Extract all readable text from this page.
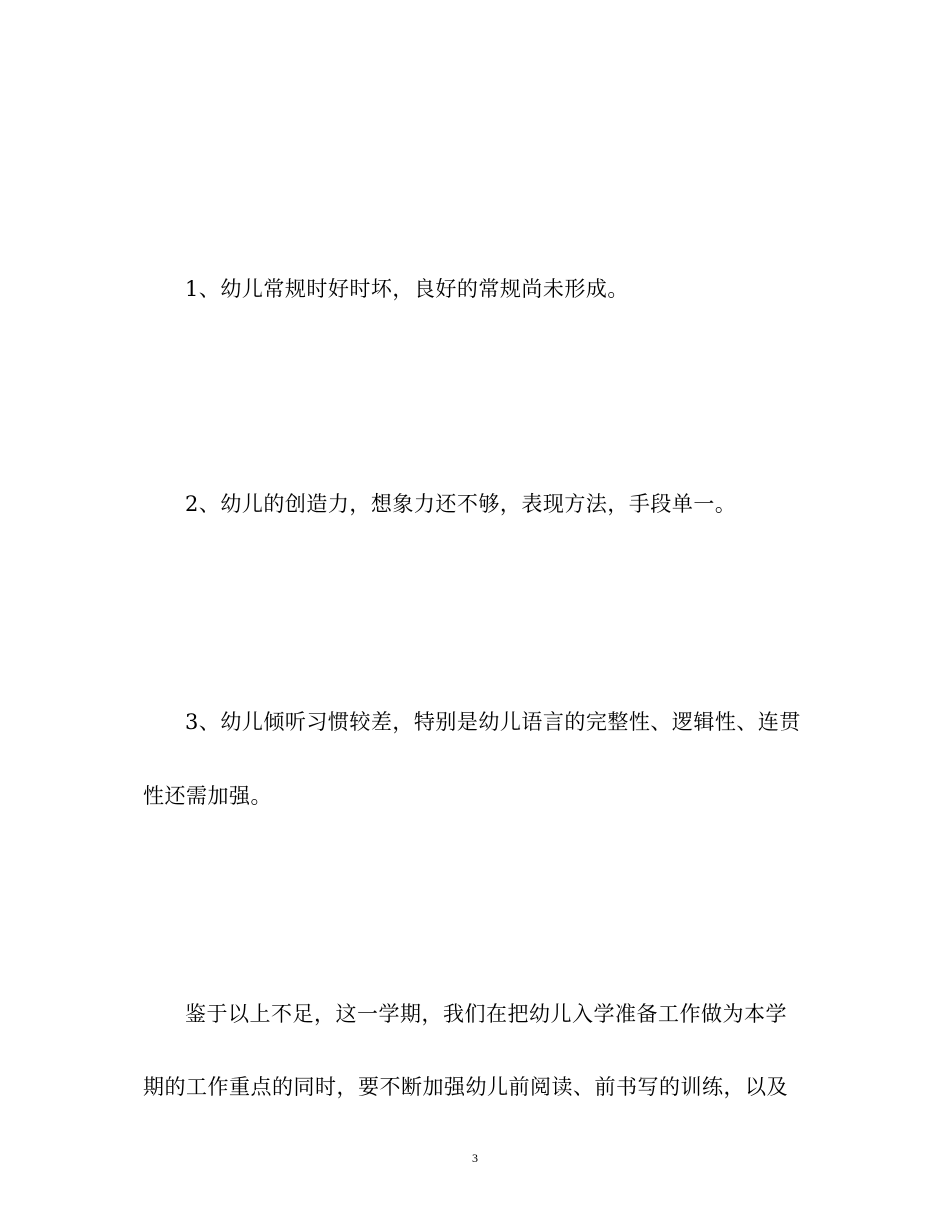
1、幼儿常规时好时坏，良好的常规尚未形成。
2、幼儿的创造力，想象力还不够，表现方法，手段单一。
3、幼儿倾听习惯较差，特别是幼儿语言的完整性、逻辑性、连贯
性还需加强。
鉴于以上不足，这一学期，我们在把幼儿入学准备工作做为本学
期的工作重点的同时，要不断加强幼儿前阅读、前书写的训练，以及
3
